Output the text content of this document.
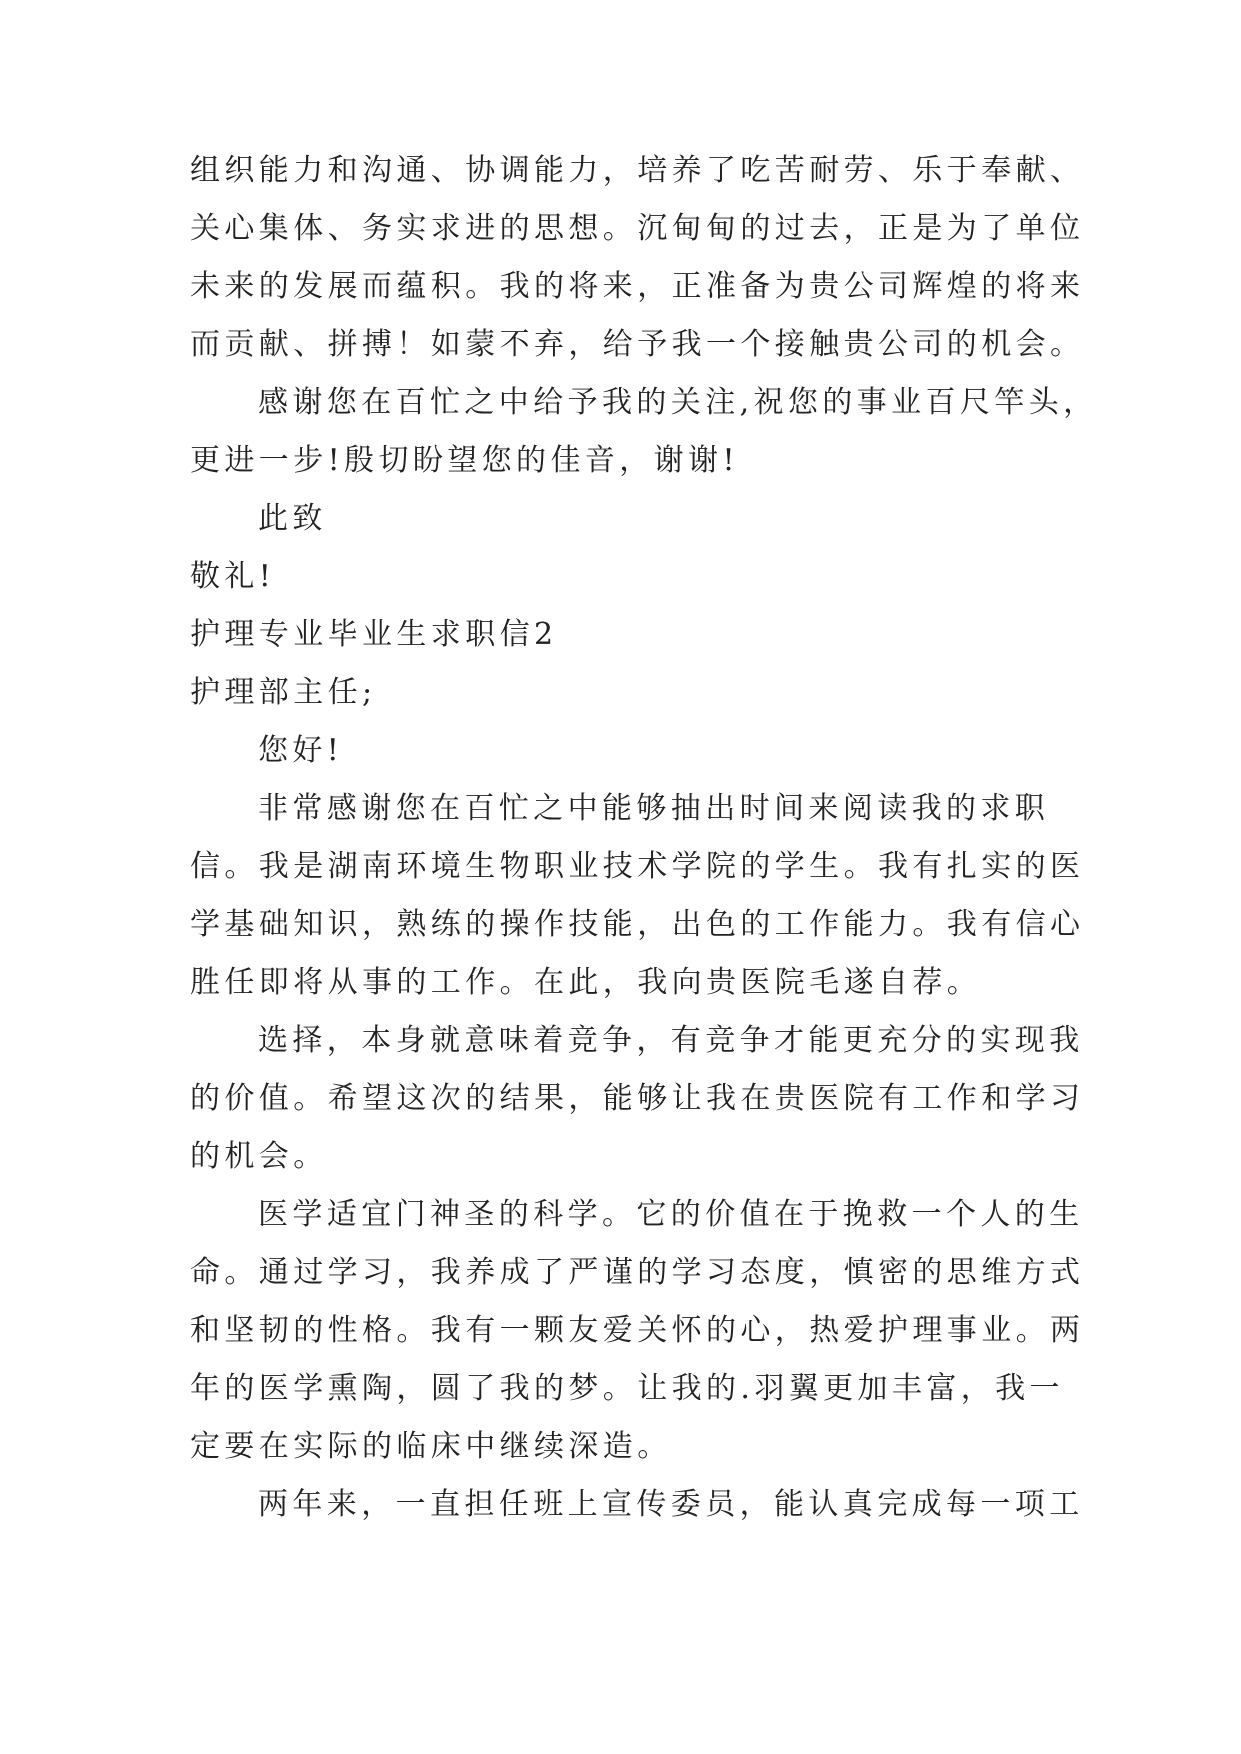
组织能力和沟通、协调能力，培养了吃苦耐劳、乐于奉献、
关心集体、务实求进的思想。沉甸甸的过去，正是为了单位
未来的发展而蕴积。我的将来，正准备为贵公司辉煌的将来
而贡献、拼搏！如蒙不弃，给予我一个接触贵公司的机会。
感谢您在百忙之中给予我的关注,祝您的事业百尺竿头，
更进一步!殷切盼望您的佳音，谢谢!
此致
敬礼!
护理专业毕业生求职信2
护理部主任;
您好!
非常感谢您在百忙之中能够抽出时间来阅读我的求职
信。我是湖南环境生物职业技术学院的学生。我有扎实的医
学基础知识，熟练的操作技能，出色的工作能力。我有信心
胜任即将从事的工作。在此，我向贵医院毛遂自荐。
选择，本身就意味着竞争，有竞争才能更充分的实现我
的价值。希望这次的结果，能够让我在贵医院有工作和学习
的机会。
医学适宜门神圣的科学。它的价值在于挽救一个人的生
命。通过学习，我养成了严谨的学习态度，慎密的思维方式
和坚韧的性格。我有一颗友爱关怀的心，热爱护理事业。两
年的医学熏陶，圆了我的梦。让我的.羽翼更加丰富，我一
定要在实际的临床中继续深造。
两年来，一直担任班上宣传委员，能认真完成每一项工
